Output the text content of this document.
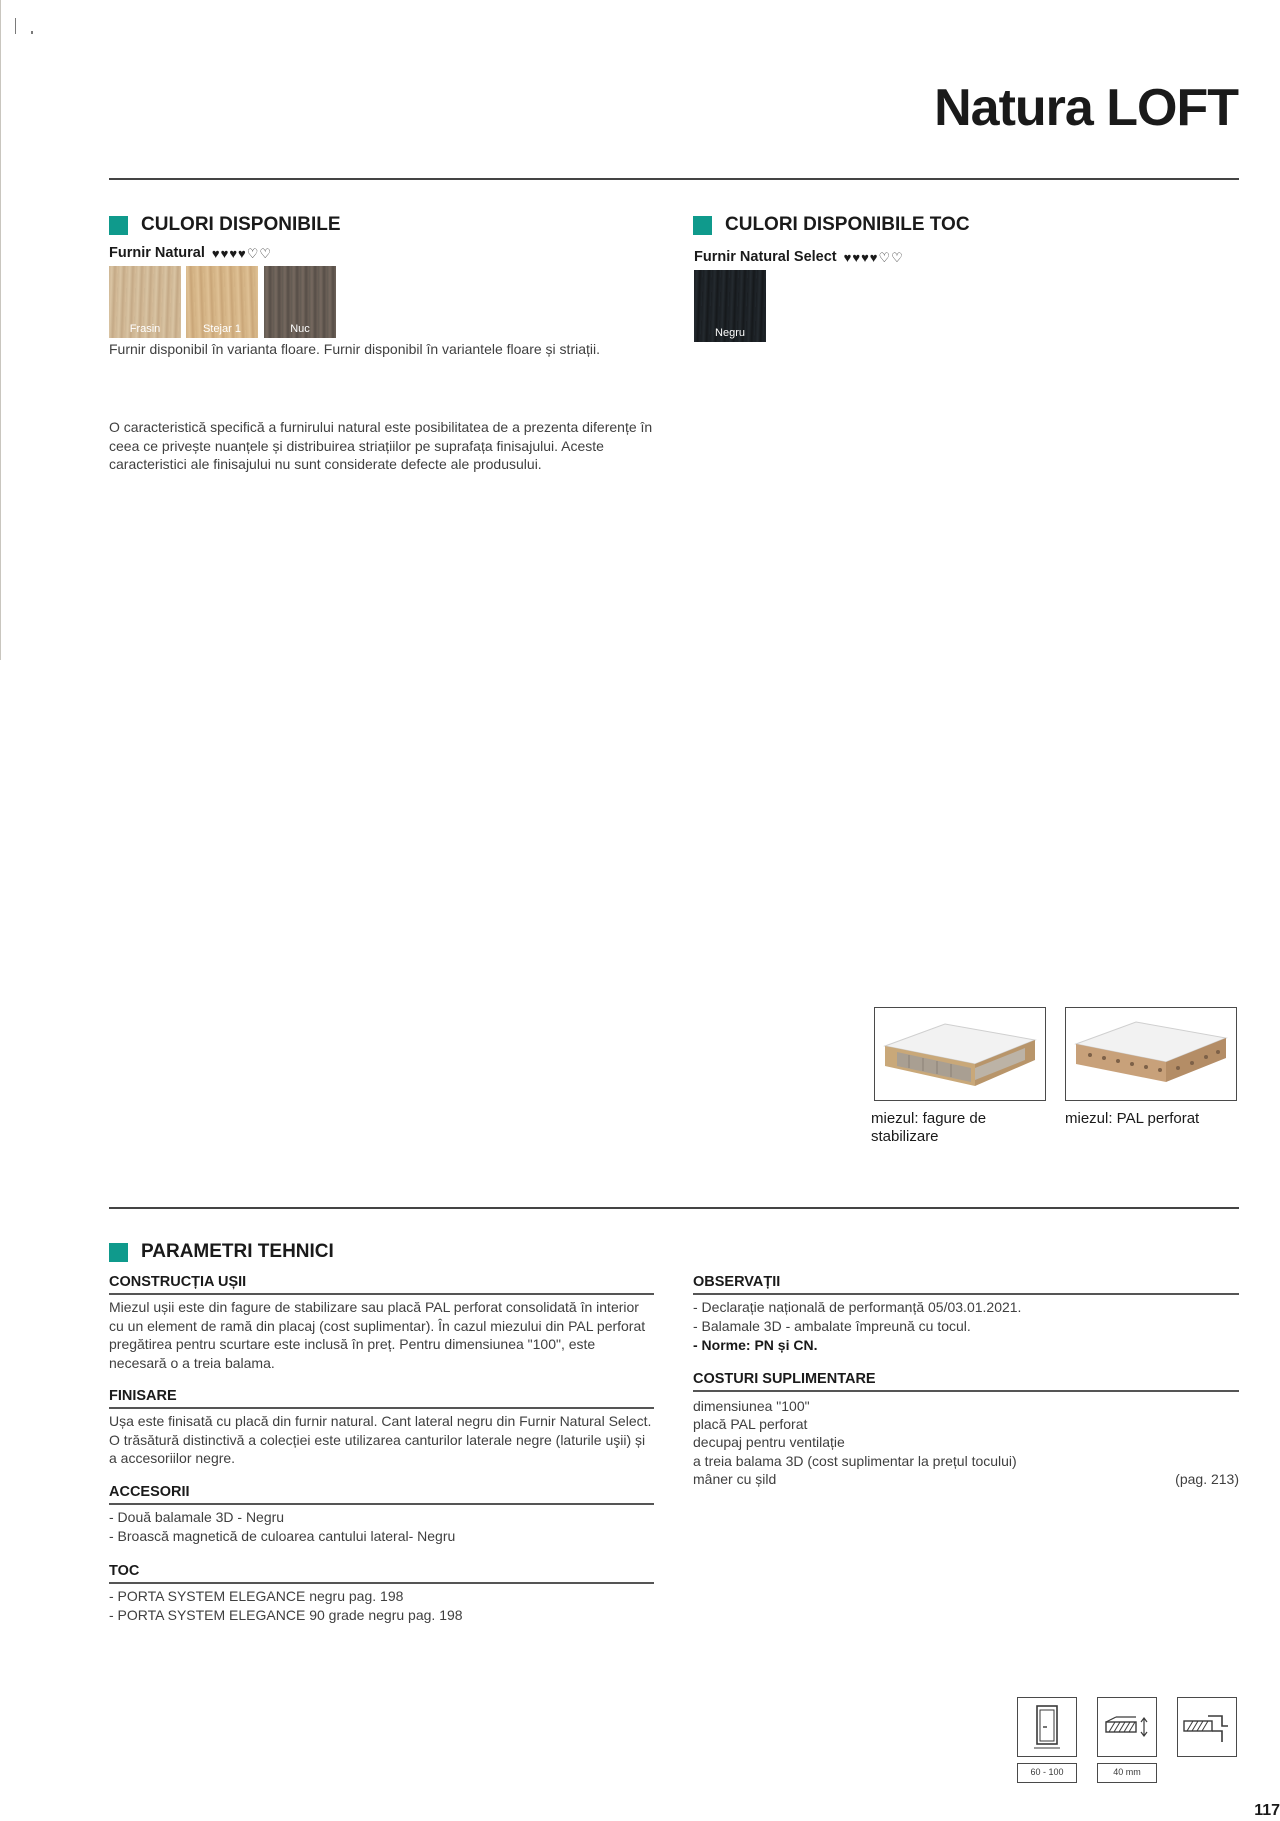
Natura LOFT
CULORI DISPONIBILE
Furnir Natural ♥ ♥ ♥ ♥ ♡ ♡
Frasin	Stejar 1	Nuc

Furnir disponibil în varianta floare. Furnir disponibil în variantele floare și striații.

CULORI DISPONIBILE TOC
Furnir Natural Select ♥ ♥ ♥ ♥ ♡ ♡
Negru

O caracteristică specifică a furnirului natural este posibilitatea de a prezenta diferențe în ceea ce privește nuanțele și distribuirea striațiilor pe suprafața finisajului. Aceste caracteristici ale finisajului nu sunt considerate defecte ale produsului.

miezul: fagure de stabilizare
miezul: PAL perforat
PARAMETRI TEHNICI
CONSTRUCȚIA UȘII

Miezul ușii este din fagure de stabilizare sau placă PAL perforat consolidată în interior cu un element de ramă din placaj (cost suplimentar). În cazul miezului din PAL perforat pregătirea pentru scurtare este inclusă în preț. Pentru dimensiunea "100", este necesară o a treia balama.

FINISARE

Ușa este finisată cu placă din furnir natural. Cant lateral negru din Furnir Natural Select. O trăsătură distinctivă a colecției este utilizarea canturilor laterale negre (laturile uşii) și a accesoriilor negre.

ACCESORII

- Două balamale 3D - Negru

- Broască magnetică de culoarea cantului lateral- Negru

TOC

- PORTA SYSTEM ELEGANCE negru pag. 198

- PORTA SYSTEM ELEGANCE 90 grade negru pag. 198

OBSERVAȚII

- Declarație națională de performanță 05/03.01.2021.

- Balamale 3D - ambalate împreună cu tocul.

- Norme: PN și CN.

COSTURI SUPLIMENTARE

dimensiunea "100"

placă PAL perforat

decupaj pentru ventilație

a treia balama 3D (cost suplimentar la prețul tocului)

mâner cu șild	(pag. 213)

60 - 100	40 mm
117
